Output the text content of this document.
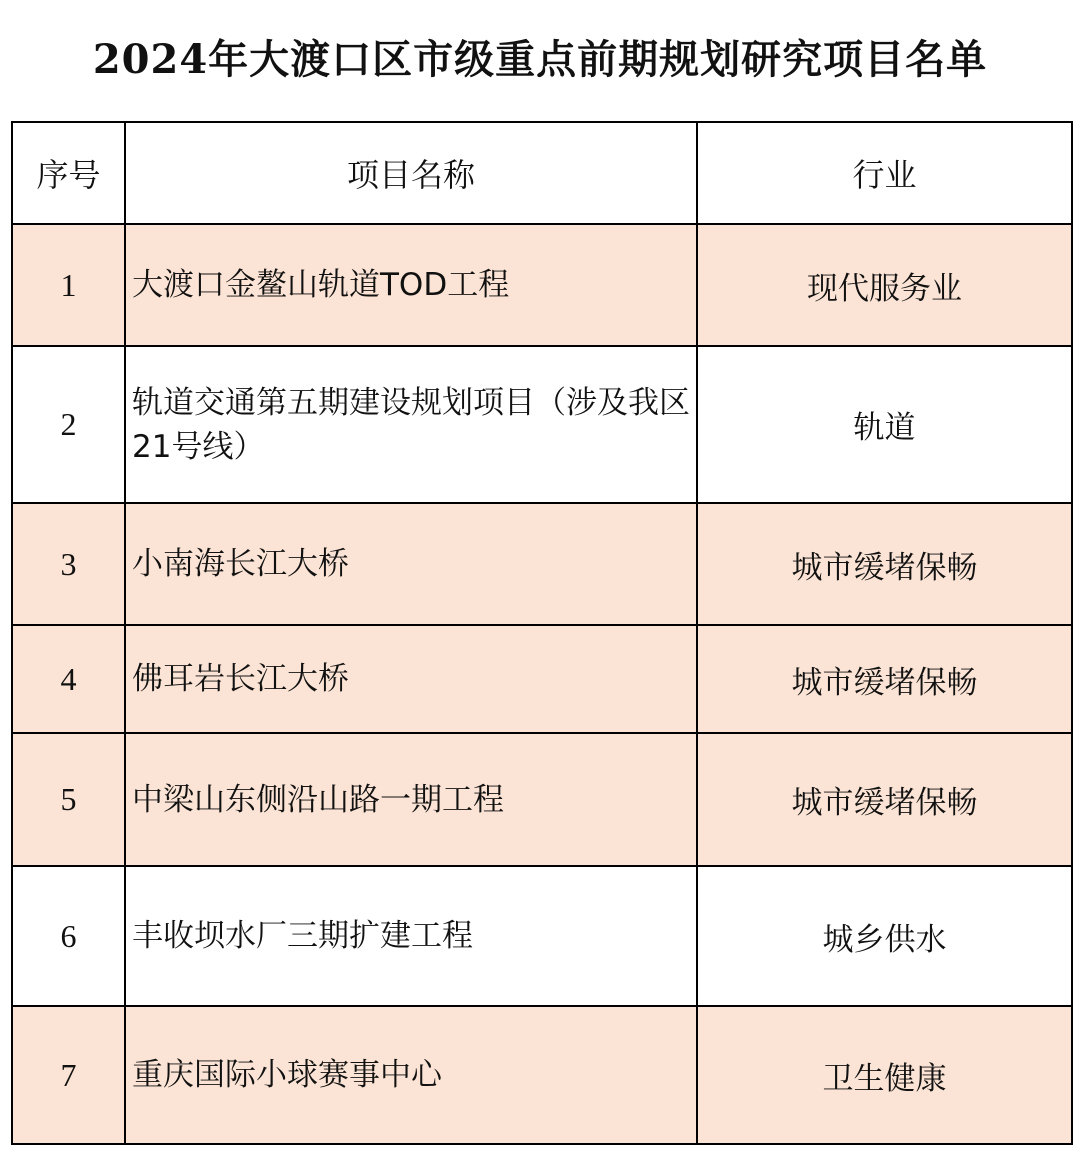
2024年大渡口区市级重点前期规划研究项目名单
序号	项目名称	行业
1	大渡口金鳌山轨道TOD工程	现代服务业
2	轨道交通第五期建设规划项目（涉及我区21号线）	轨道
3	小南海长江大桥	城市缓堵保畅
4	佛耳岩长江大桥	城市缓堵保畅
5	中梁山东侧沿山路一期工程	城市缓堵保畅
6	丰收坝水厂三期扩建工程	城乡供水
7	重庆国际小球赛事中心	卫生健康
